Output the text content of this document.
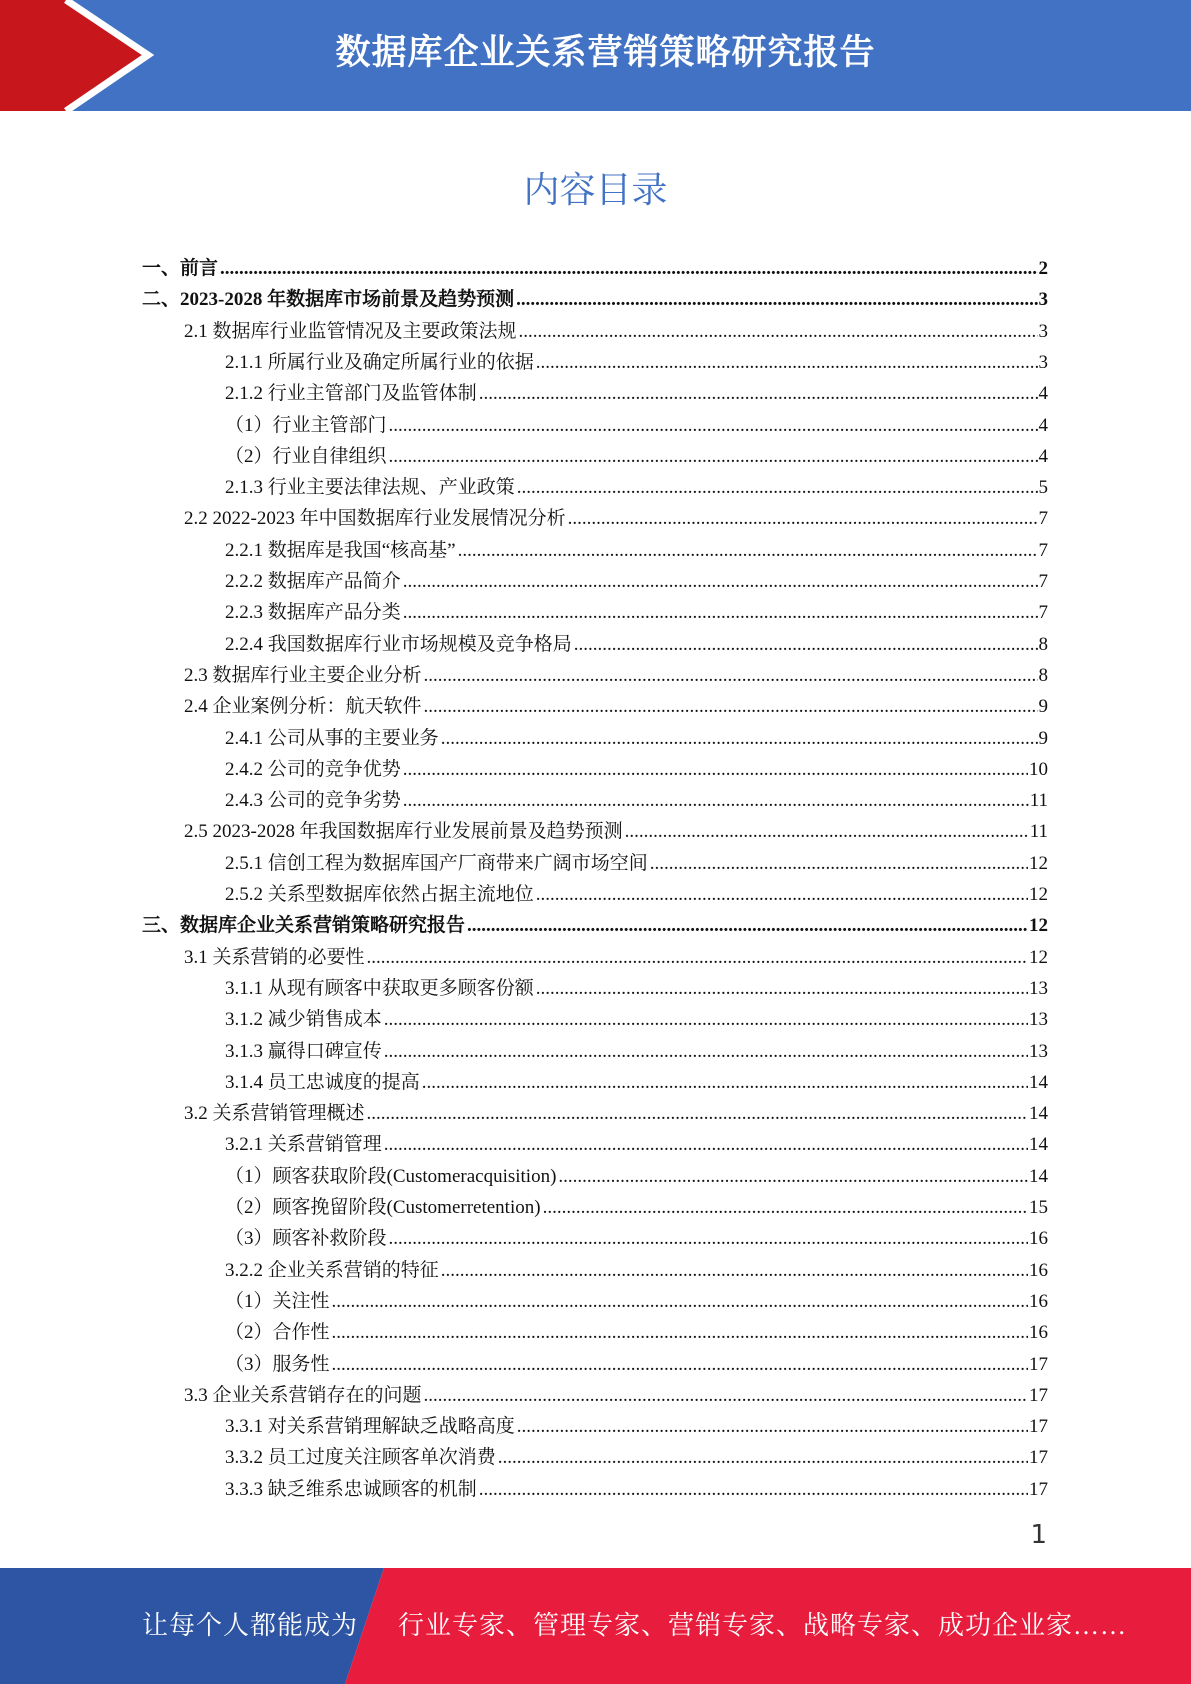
数据库企业关系营销策略研究报告
内容目录
一、前言 .....	2
二、2023-2028 年数据库市场前景及趋势预测 .....	3
2.1 数据库行业监管情况及主要政策法规 .....	3
2.1.1 所属行业及确定所属行业的依据 .....	3
2.1.2 行业主管部门及监管体制 .....	4
（1）行业主管部门 .....	4
（2）行业自律组织 .....	4
2.1.3 行业主要法律法规、产业政策 .....	5
2.2 2022-2023 年中国数据库行业发展情况分析 .....	7
2.2.1 数据库是我国“核高基” .....	7
2.2.2 数据库产品简介 .....	7
2.2.3 数据库产品分类 .....	7
2.2.4 我国数据库行业市场规模及竞争格局 .....	8
2.3 数据库行业主要企业分析 .....	8
2.4 企业案例分析：航天软件 .....	9
2.4.1 公司从事的主要业务 .....	9
2.4.2 公司的竞争优势 .....	10
2.4.3 公司的竞争劣势 .....	11
2.5 2023-2028 年我国数据库行业发展前景及趋势预测 .....	11
2.5.1 信创工程为数据库国产厂商带来广阔市场空间 .....	12
2.5.2 关系型数据库依然占据主流地位 .....	12
三、数据库企业关系营销策略研究报告 .....	12
3.1 关系营销的必要性 .....	12
3.1.1 从现有顾客中获取更多顾客份额 .....	13
3.1.2 减少销售成本 .....	13
3.1.3 赢得口碑宣传 .....	13
3.1.4 员工忠诚度的提高 .....	14
3.2 关系营销管理概述 .....	14
3.2.1 关系营销管理 .....	14
（1）顾客获取阶段(Customeracquisition) .....	14
（2）顾客挽留阶段(Customerretention) .....	15
（3）顾客补救阶段 .....	16
3.2.2 企业关系营销的特征 .....	16
（1）关注性 .....	16
（2）合作性 .....	16
（3）服务性 .....	17
3.3 企业关系营销存在的问题 .....	17
3.3.1 对关系营销理解缺乏战略高度 .....	17
3.3.2 员工过度关注顾客单次消费 .....	17
3.3.3 缺乏维系忠诚顾客的机制 .....	17
1
让每个人都能成为 行业专家、管理专家、营销专家、战略专家、成功企业家……
